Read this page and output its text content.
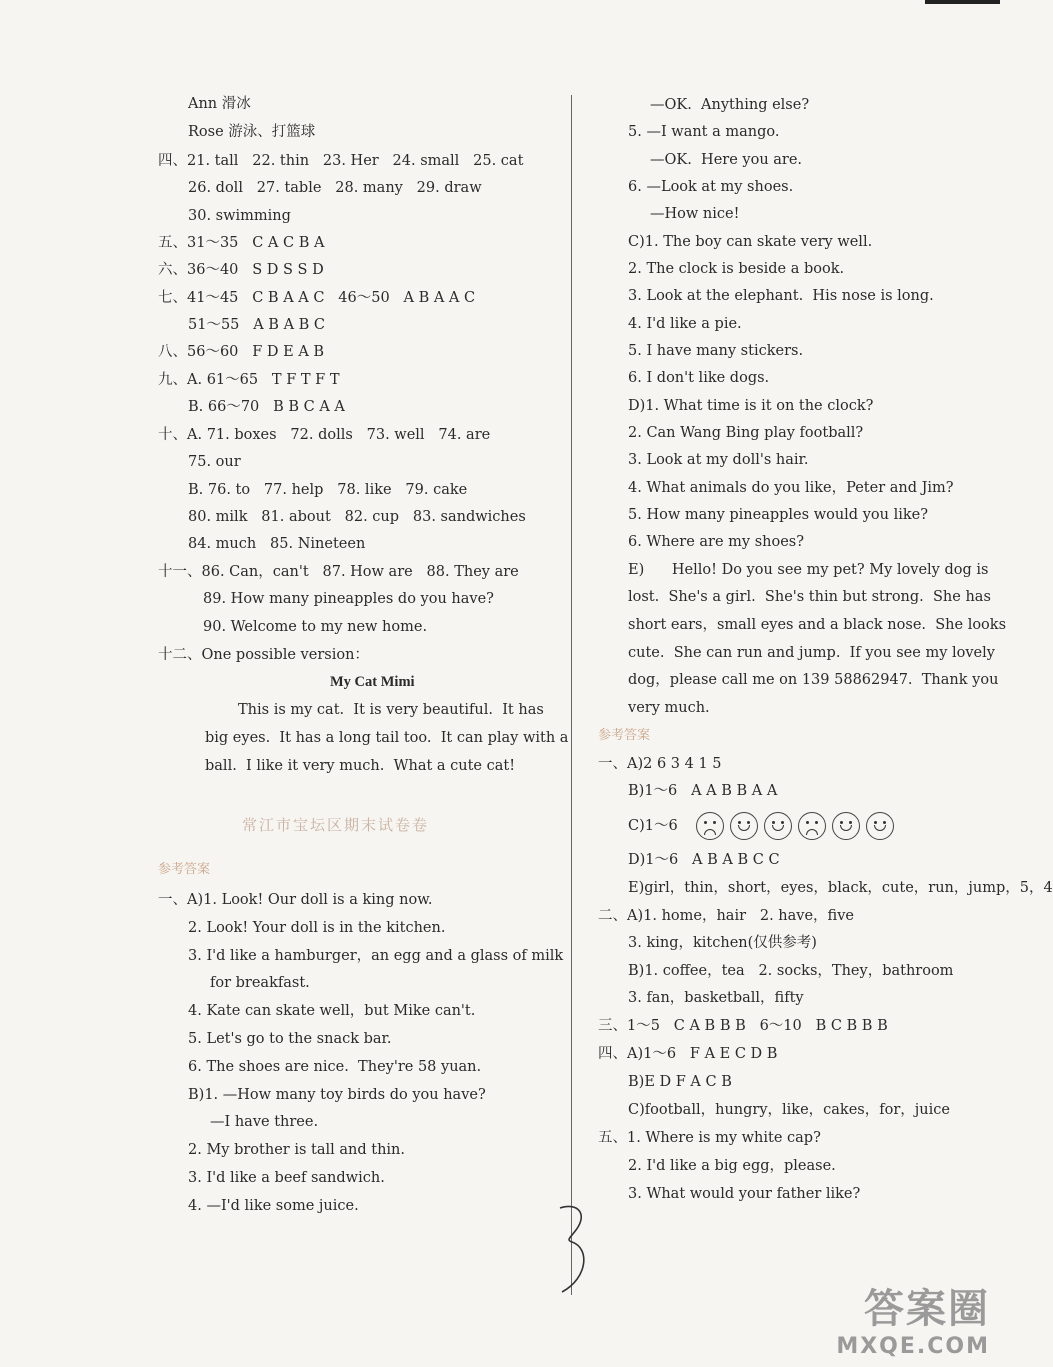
My Cat Mimi
常江市宝坛区期末试卷卷
参考答案
Ann 滑冰
Rose 游泳、打篮球
四、21. tall   22. thin   23. Her   24. small   25. cat
26. doll   27. table   28. many   29. draw
30. swimming
五、31～35   C A C B A
六、36～40   S D S S D
七、41～45   C B A A C   46～50   A B A A C
51～55   A B A B C
八、56～60   F D E A B
九、A. 61～65   T F T F T
B. 66～70   B B C A A
十、A. 71. boxes   72. dolls   73. well   74. are
75. our
B. 76. to   77. help   78. like   79. cake
80. milk   81. about   82. cup   83. sandwiches
84. much   85. Nineteen
十一、86. Can，can't   87. How are   88. They are
89. How many pineapples do you have?
90. Welcome to my new home.
十二、One possible version：
This is my cat.  It is very beautiful.  It has
big eyes.  It has a long tail too.  It can play with a
ball.  I like it very much.  What a cute cat!
一、A)1. Look! Our doll is a king now.
2. Look! Your doll is in the kitchen.
3. I'd like a hamburger，an egg and a glass of milk
for breakfast.
4. Kate can skate well，but Mike can't.
5. Let's go to the snack bar.
6. The shoes are nice.  They're 58 yuan.
B)1. —How many toy birds do you have?
—I have three.
2. My brother is tall and thin.
3. I'd like a beef sandwich.
4. —I'd like some juice.
参考答案
—OK.  Anything else?
5. —I want a mango.
—OK.  Here you are.
6. —Look at my shoes.
—How nice!
C)1. The boy can skate very well.
2. The clock is beside a book.
3. Look at the elephant.  His nose is long.
4. I'd like a pie.
5. I have many stickers.
6. I don't like dogs.
D)1. What time is it on the clock?
2. Can Wang Bing play football?
3. Look at my doll's hair.
4. What animals do you like，Peter and Jim?
5. How many pineapples would you like?
6. Where are my shoes?
E)      Hello! Do you see my pet? My lovely dog is
lost.  She's a girl.  She's thin but strong.  She has
short ears，small eyes and a black nose.  She looks
cute.  She can run and jump.  If you see my lovely
dog，please call me on 139 58862947.  Thank you
very much.
一、A)2 6 3 4 1 5
B)1～6   A A B B A A
C)1～6
D)1～6   A B A B C C
E)girl，thin，short，eyes，black，cute，run，jump，5，4
二、A)1. home，hair   2. have，five
3. king，kitchen(仅供参考)
B)1. coffee，tea   2. socks，They，bathroom
3. fan，basketball，fifty
三、1～5   C A B B B   6～10   B C B B B
四、A)1～6   F A E C D B
B)E D F A C B
C)football，hungry，like，cakes，for，juice
五、1. Where is my white cap?
2. I'd like a big egg，please.
3. What would your father like?
答案圈
MXQE.COM
